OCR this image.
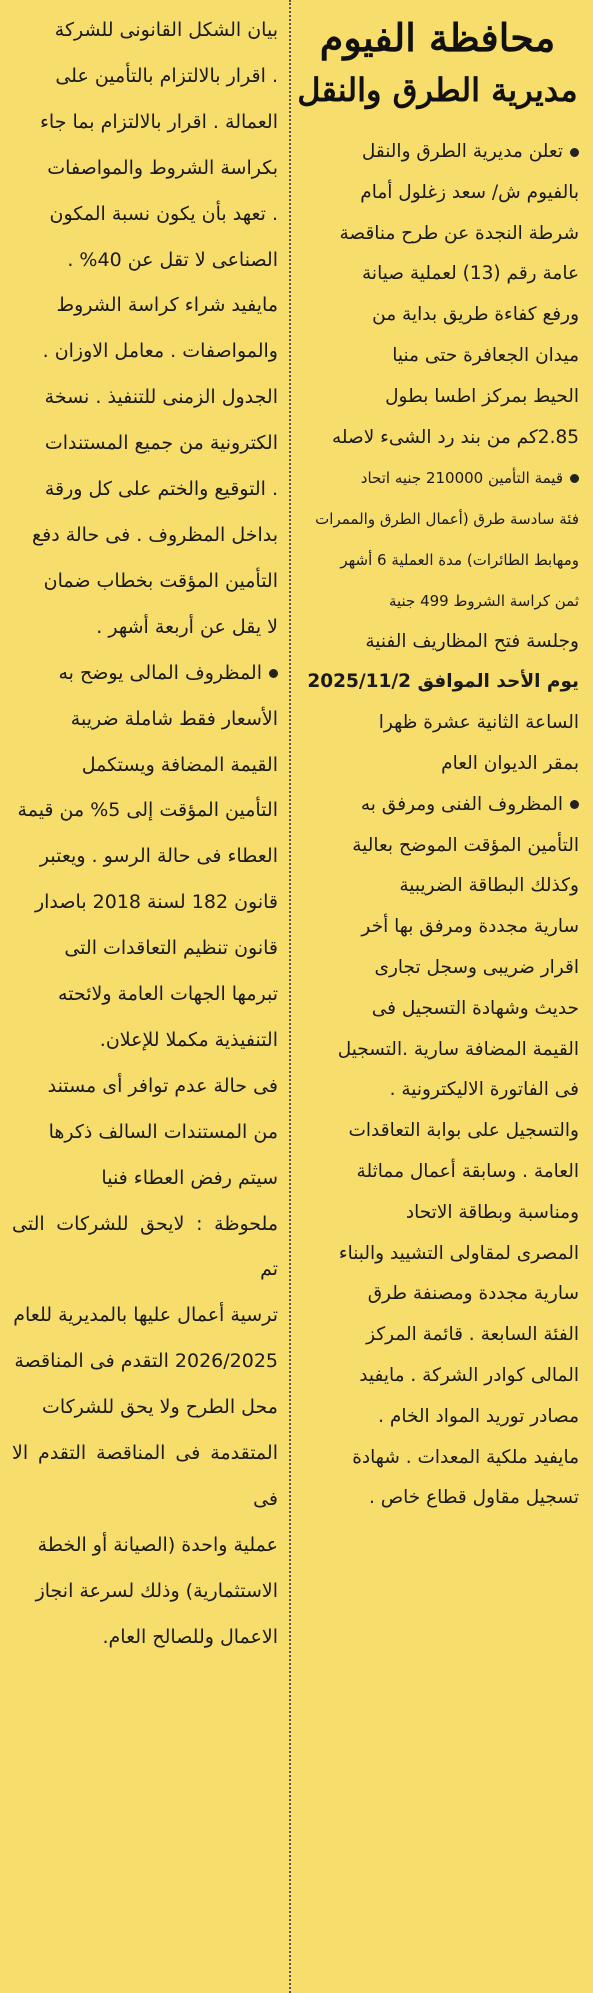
محافظة الفيوم
مديرية الطرق والنقل

تعلن مديرية الطرق والنقل

بالفيوم ش/ سعد زغلول أمام

شرطة النجدة عن طرح مناقصة

عامة رقم (13) لعملية صيانة

ورفع كفاءة طريق بداية من

ميدان الجعافرة حتى منيا

الحيط بمركز اطسا بطول

2.85كم من بند رد الشىء لاصله

قيمة التأمين 210000 جنيه اتحاد

فئة سادسة طرق (أعمال الطرق والممرات

ومهابط الطائرات) مدة العملية 6 أشهر

ثمن كراسة الشروط 499 جنية

وجلسة فتح المظاريف الفنية

يوم الأحد الموافق 2025/11/2

الساعة الثانية عشرة ظهرا

بمقر الديوان العام

المظروف الفنى ومرفق به

التأمين المؤقت الموضح بعالية

وكذلك البطاقة الضريبية

سارية مجددة ومرفق بها أخر

اقرار ضريبى وسجل تجارى

حديث وشهادة التسجيل فى

القيمة المضافة سارية .التسجيل

فى الفاتورة الاليكترونية .

والتسجيل على بوابة التعاقدات

العامة . وسابقة أعمال مماثلة

ومناسبة وبطاقة الاتحاد

المصرى لمقاولى التشييد والبناء

سارية مجددة ومصنفة طرق

الفئة السابعة . قائمة المركز

المالى كوادر الشركة . مايفيد

مصادر توريد المواد الخام .

مايفيد ملكية المعدات . شهادة

تسجيل مقاول قطاع خاص .

بيان الشكل القانونى للشركة

. اقرار بالالتزام بالتأمين على

العمالة . اقرار بالالتزام بما جاء

بكراسة الشروط والمواصفات

. تعهد بأن يكون نسبة المكون

الصناعى لا تقل عن 40% .

مايفيد شراء كراسة الشروط

والمواصفات . معامل الاوزان .

الجدول الزمنى للتنفيذ . نسخة

الكترونية من جميع المستندات

. التوقيع والختم على كل ورقة

بداخل المظروف . فى حالة دفع

التأمين المؤقت بخطاب ضمان

لا يقل عن أربعة أشهر .

المظروف المالى يوضح به

الأسعار فقط شاملة ضريبة

القيمة المضافة ويستكمل

التأمين المؤقت إلى 5% من قيمة

العطاء فى حالة الرسو . ويعتبر

قانون 182 لسنة 2018 باصدار

قانون تنظيم التعاقدات التى

تبرمها الجهات العامة ولائحته

التنفيذية مكملا للإعلان.

فى حالة عدم توافر أى مستند

من المستندات السالف ذكرها

سيتم رفض العطاء فنيا

ملحوظة : لايحق للشركات التى تم

ترسية أعمال عليها بالمديرية للعام

2026/2025 التقدم فى المناقصة

محل الطرح ولا يحق للشركات

المتقدمة فى المناقصة التقدم الا فى

عملية واحدة (الصيانة أو الخطة

الاستثمارية) وذلك لسرعة انجاز

الاعمال وللصالح العام.
